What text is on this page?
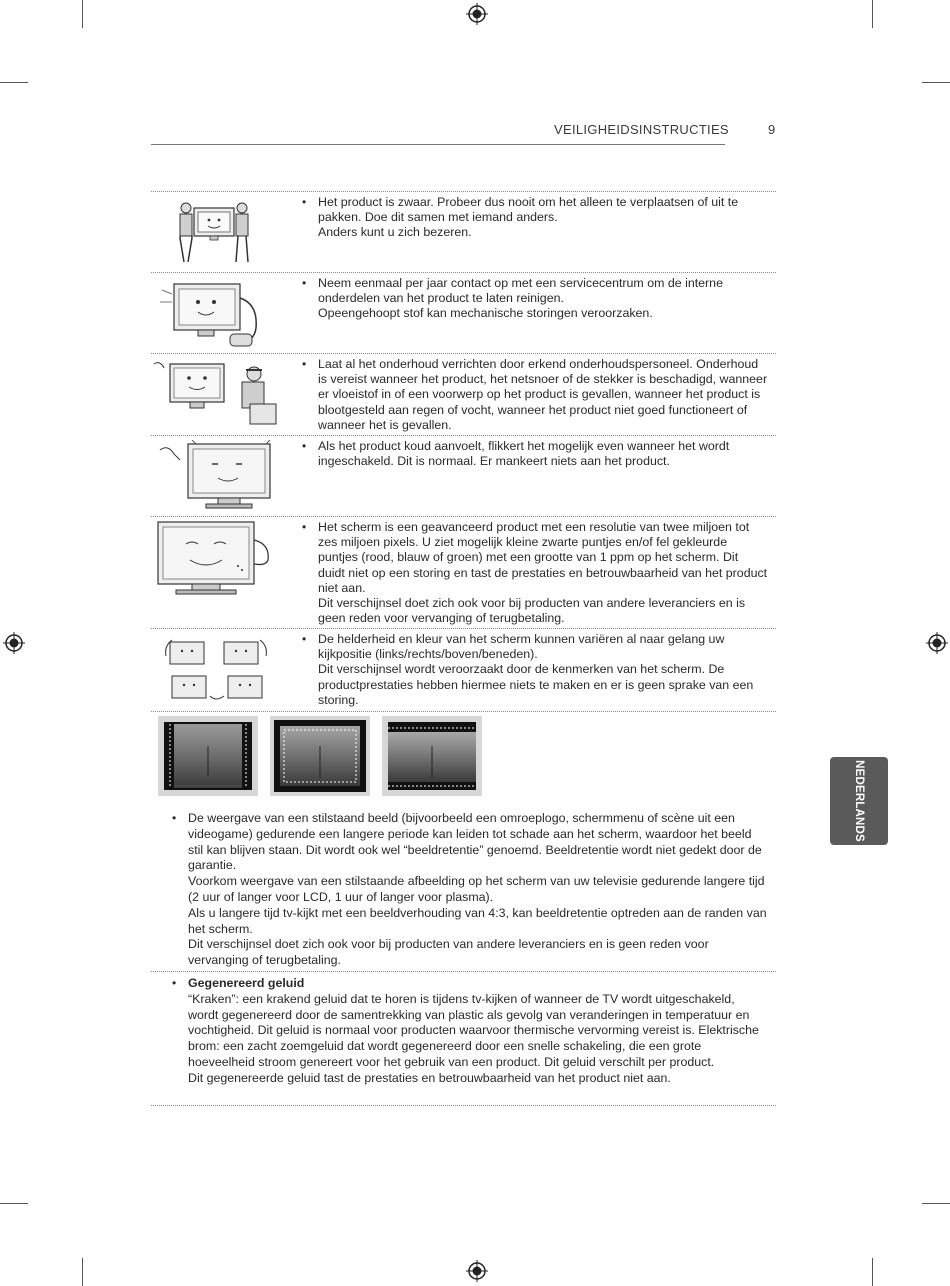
VEILIGHEIDSINSTRUCTIES	9
• Het product is zwaar. Probeer dus nooit om het alleen te verplaatsen of uit te pakken. Doe dit samen met iemand anders.

Anders kunt u zich bezeren.

• Neem eenmaal per jaar contact op met een servicecentrum om de interne onderdelen van het product te laten reinigen.

Opeengehoopt stof kan mechanische storingen veroorzaken.

• Laat al het onderhoud verrichten door erkend onderhoudspersoneel. Onderhoud is vereist wanneer het product, het netsnoer of de stekker is beschadigd, wanneer er vloeistof in of een voorwerp op het product is gevallen, wanneer het product is blootgesteld aan regen of vocht, wanneer het product niet goed functioneert of wanneer het is gevallen.

• Als het product koud aanvoelt, flikkert het mogelijk even wanneer het wordt ingeschakeld. Dit is normaal. Er mankeert niets aan het product.

• Het scherm is een geavanceerd product met een resolutie van twee miljoen tot zes miljoen pixels. U ziet mogelijk kleine zwarte puntjes en/of fel gekleurde puntjes (rood, blauw of groen) met een grootte van 1 ppm op het scherm. Dit duidt niet op een storing en tast de prestaties en betrouwbaarheid van het product niet aan.

Dit verschijnsel doet zich ook voor bij producten van andere leveranciers en is geen reden voor vervanging of terugbetaling.

• De helderheid en kleur van het scherm kunnen variëren al naar gelang uw kijkpositie (links/rechts/boven/beneden).

Dit verschijnsel wordt veroorzaakt door de kenmerken van het scherm. De productprestaties hebben hiermee niets te maken en er is geen sprake van een storing.

• De weergave van een stilstaand beeld (bijvoorbeeld een omroeplogo, schermmenu of scène uit een videogame) gedurende een langere periode kan leiden tot schade aan het scherm, waardoor het beeld stil kan blijven staan. Dit wordt ook wel “beeldretentie” genoemd. Beeldretentie wordt niet gedekt door de garantie.

Voorkom weergave van een stilstaande afbeelding op het scherm van uw televisie gedurende langere tijd (2 uur of langer voor LCD, 1 uur of langer voor plasma).

Als u langere tijd tv-kijkt met een beeldverhouding van 4:3, kan beeldretentie optreden aan de randen van het scherm.

Dit verschijnsel doet zich ook voor bij producten van andere leveranciers en is geen reden voor vervanging of terugbetaling.

• Gegenereerd geluid

“Kraken”: een krakend geluid dat te horen is tijdens tv-kijken of wanneer de TV wordt uitgeschakeld, wordt gegenereerd door de samentrekking van plastic als gevolg van veranderingen in temperatuur en vochtigheid. Dit geluid is normaal voor producten waarvoor thermische vervorming vereist is. Elektrische brom: een zacht zoemgeluid dat wordt gegenereerd door een snelle schakeling, die een grote hoeveelheid stroom genereert voor het gebruik van een product. Dit geluid verschilt per product.

Dit gegenereerde geluid tast de prestaties en betrouwbaarheid van het product niet aan.

NEDERLANDS
